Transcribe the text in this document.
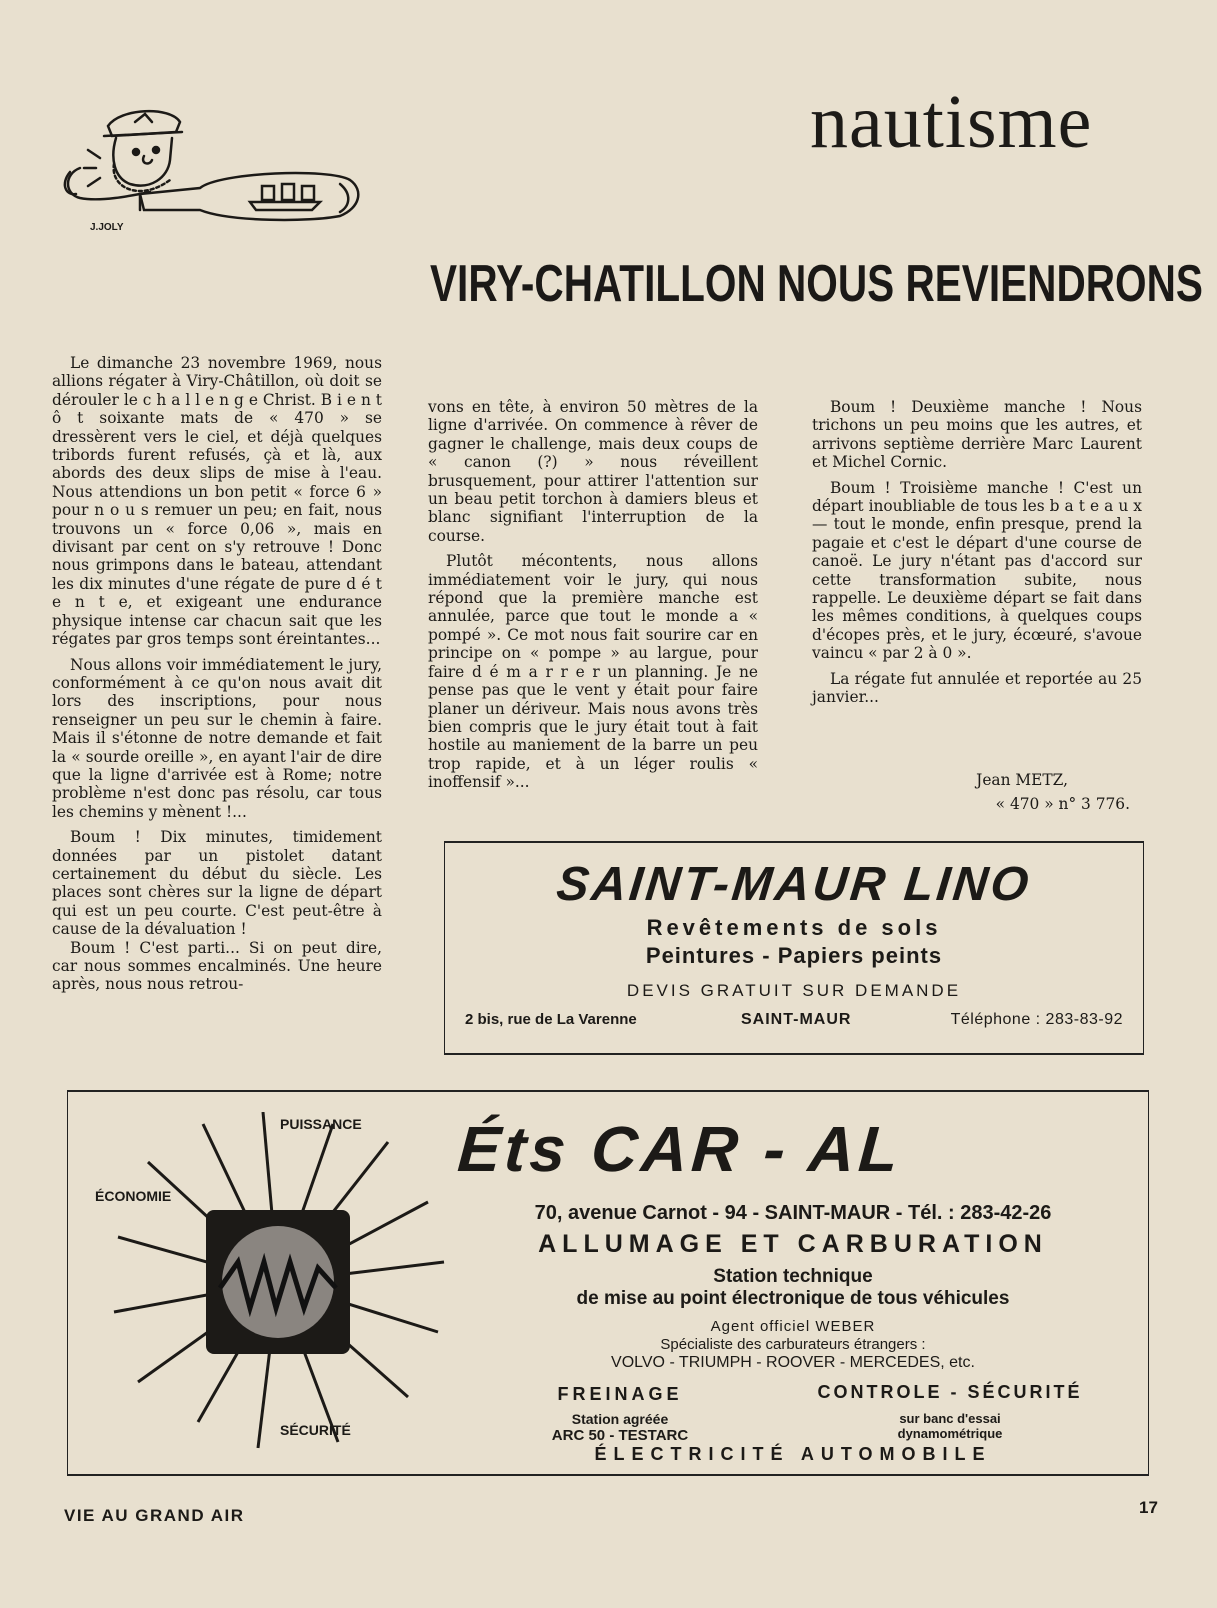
J.JOLY
nautisme
VIRY-CHATILLON NOUS REVIENDRONS

Le dimanche 23 novembre 1969, nous allions régater à Viry-Châtillon, où doit se dérouler le c h a l l e n g e Christ. B i e n t ô t soixante mats de « 470 » se dressèrent vers le ciel, et déjà quelques tribords furent refusés, çà et là, aux abords des deux slips de mise à l'eau. Nous attendions un bon petit « force 6 » pour n o u s remuer un peu; en fait, nous trouvons un « force 0,06 », mais en divisant par cent on s'y retrouve ! Donc nous grimpons dans le bateau, attendant les dix minutes d'une régate de pure d é t e n t e, et exigeant une endurance physique intense car chacun sait que les régates par gros temps sont éreintantes...

Nous allons voir immédiatement le jury, conformément à ce qu'on nous avait dit lors des inscriptions, pour nous renseigner un peu sur le chemin à faire. Mais il s'étonne de notre demande et fait la « sourde oreille », en ayant l'air de dire que la ligne d'arrivée est à Rome; notre problème n'est donc pas résolu, car tous les chemins y mènent !...

Boum ! Dix minutes, timidement données par un pistolet datant certainement du début du siècle. Les places sont chères sur la ligne de départ qui est un peu courte. C'est peut-être à cause de la dévaluation !

Boum ! C'est parti... Si on peut dire, car nous sommes encalminés. Une heure après, nous nous retrou-

vons en tête, à environ 50 mètres de la ligne d'arrivée. On commence à rêver de gagner le challenge, mais deux coups de « canon (?) » nous réveillent brusquement, pour attirer l'attention sur un beau petit torchon à damiers bleus et blanc signifiant l'interruption de la course.

Plutôt mécontents, nous allons immédiatement voir le jury, qui nous répond que la première manche est annulée, parce que tout le monde a « pompé ». Ce mot nous fait sourire car en principe on « pompe » au largue, pour faire d é m a r r e r un planning. Je ne pense pas que le vent y était pour faire planer un dériveur. Mais nous avons très bien compris que le jury était tout à fait hostile au maniement de la barre un peu trop rapide, et à un léger roulis « inoffensif »...

Boum ! Deuxième manche ! Nous trichons un peu moins que les autres, et arrivons septième derrière Marc Laurent et Michel Cornic.

Boum ! Troisième manche ! C'est un départ inoubliable de tous les b a t e a u x — tout le monde, enfin presque, prend la pagaie et c'est le départ d'une course de canoë. Le jury n'étant pas d'accord sur cette transformation subite, nous rappelle. Le deuxième départ se fait dans les mêmes conditions, à quelques coups d'écopes près, et le jury, écœuré, s'avoue vaincu « par 2 à 0 ».

La régate fut annulée et reportée au 25 janvier...

Jean METZ,
« 470 » n° 3 776.
SAINT-MAUR LINO
Revêtements de sols
Peintures - Papiers peints
DEVIS GRATUIT SUR DEMANDE
2 bis, rue de La Varenne	SAINT-MAUR	Téléphone : 283-83-92
PUISSANCE
ÉCONOMIE
SÉCURITÉ
Éts CAR - AL
70, avenue Carnot - 94 - SAINT-MAUR - Tél. : 283-42-26
ALLUMAGE ET CARBURATION
Station technique
de mise au point électronique de tous véhicules
Agent officiel WEBER
Spécialiste des carburateurs étrangers :
VOLVO - TRIUMPH - ROOVER - MERCEDES, etc.
FREINAGE
Station agréée
ARC 50 - TESTARC
CONTROLE - SÉCURITÉ
sur banc d'essai
dynamométrique
ÉLECTRICITÉ AUTOMOBILE
VIE AU GRAND AIR	17
